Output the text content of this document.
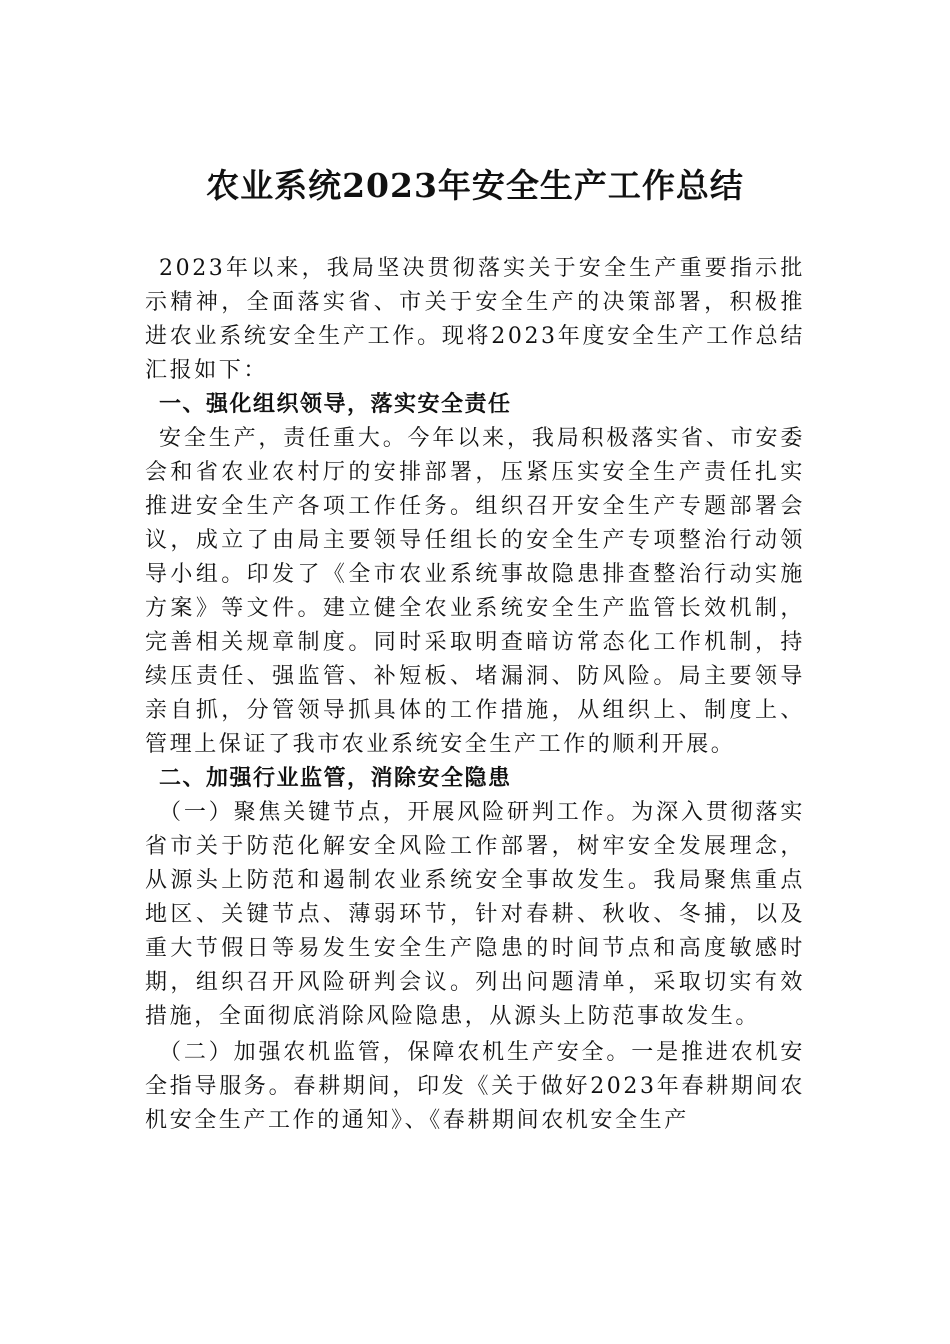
农业系统2023年安全生产工作总结

2023年以来，我局坚决贯彻落实关于安全生产重要指示批示精神，全面落实省、市关于安全生产的决策部署，积极推进农业系统安全生产工作。现将2023年度安全生产工作总结汇报如下：

一、强化组织领导，落实安全责任

安全生产，责任重大。今年以来，我局积极落实省、市安委会和省农业农村厅的安排部署，压紧压实安全生产责任扎实推进安全生产各项工作任务。组织召开安全生产专题部署会议，成立了由局主要领导任组长的安全生产专项整治行动领导小组。印发了《全市农业系统事故隐患排查整治行动实施方案》等文件。建立健全农业系统安全生产监管长效机制，完善相关规章制度。同时采取明查暗访常态化工作机制，持续压责任、强监管、补短板、堵漏洞、防风险。局主要领导亲自抓，分管领导抓具体的工作措施，从组织上、制度上、管理上保证了我市农业系统安全生产工作的顺利开展。

二、加强行业监管，消除安全隐患

（一）聚焦关键节点，开展风险研判工作。为深入贯彻落实省市关于防范化解安全风险工作部署，树牢安全发展理念，从源头上防范和遏制农业系统安全事故发生。我局聚焦重点地区、关键节点、薄弱环节，针对春耕、秋收、冬捕，以及重大节假日等易发生安全生产隐患的时间节点和高度敏感时期，组织召开风险研判会议。列出问题清单，采取切实有效措施，全面彻底消除风险隐患，从源头上防范事故发生。

（二）加强农机监管，保障农机生产安全。一是推进农机安全指导服务。春耕期间，印发《关于做好2023年春耕期间农机安全生产工作的通知》、《春耕期间农机安全生产
